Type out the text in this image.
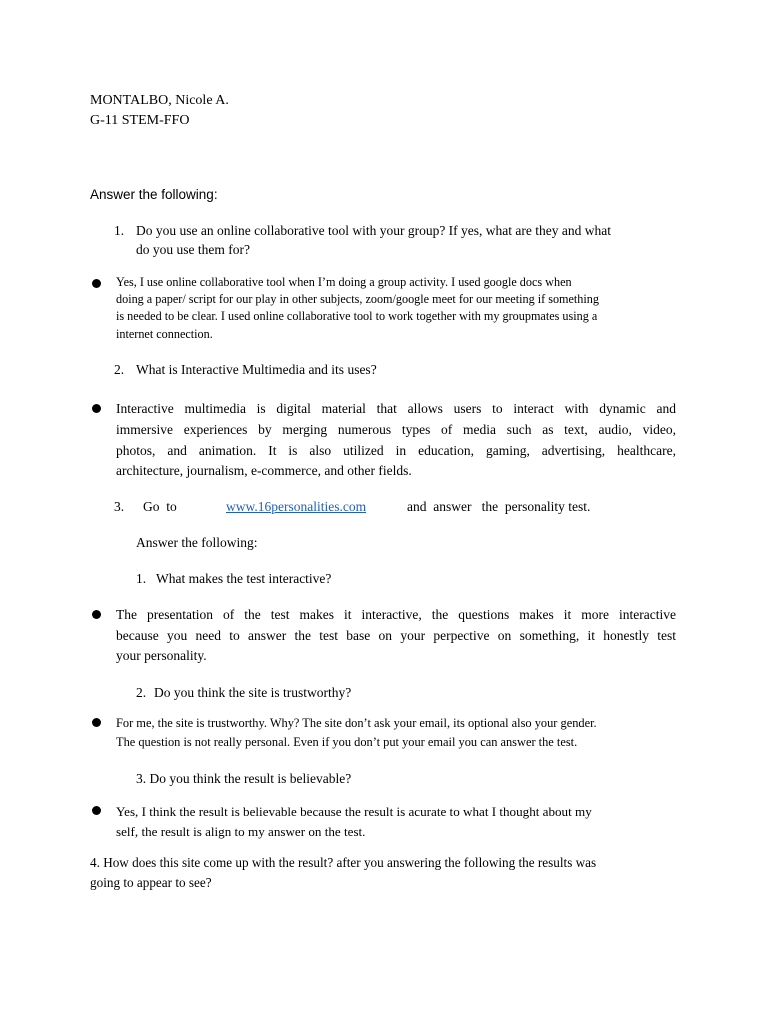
MONTALBO, Nicole A.
G-11 STEM-FFO
Answer the following:
1. Do you use an online collaborative tool with your group? If yes, what are they and what
do you use them for?
Yes, I use online collaborative tool when I’m doing a group activity. I used google docs when
doing a paper/ script for our play in other subjects, zoom/google meet for our meeting if something
is needed to be clear. I used online collaborative tool to work together with my groupmates using a
internet connection.
2. What is Interactive Multimedia and its uses?
Interactive multimedia is digital material that allows users to interact with dynamic and
immersive experiences by merging numerous types of media such as text, audio, video,
photos, and animation. It is also utilized in education, gaming, advertising, healthcare,
architecture, journalism, e-commerce, and other fields.
3. Go  to	www.16personalities.com	and  answer   the  personality test.
Answer the following:
1. What makes the test interactive?
The presentation of the test makes it interactive, the questions makes it more interactive
because you need to answer the test base on your perpective on something, it honestly test
your personality.
2. Do you think the site is trustworthy?
For me, the site is trustworthy. Why? The site don’t ask your email, its optional also your gender.
The question is not really personal. Even if you don’t put your email you can answer the test.
3. Do you think the result is believable?
Yes, I think the result is believable because the result is acurate to what I thought about my
self, the result is align to my answer on the test.
4. How does this site come up with the result? after you answering the following the results was
going to appear to see?
